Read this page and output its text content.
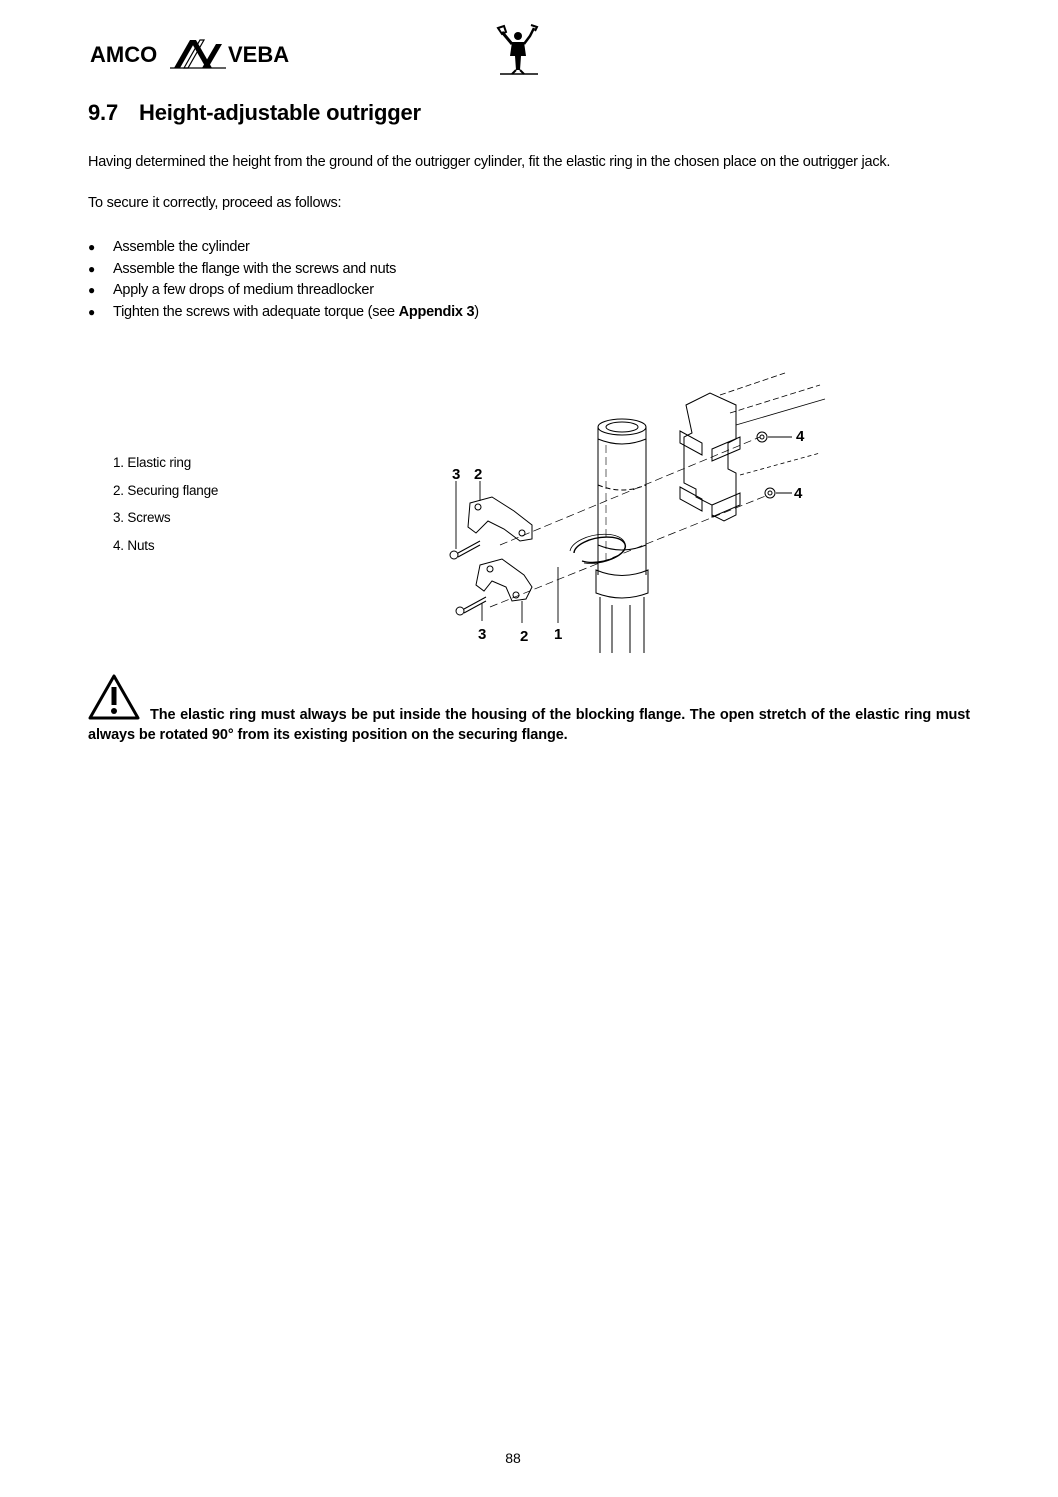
AMCO	VEBA
9.7 Height-adjustable outrigger
Having determined the height from the ground of the outrigger cylinder, fit the elastic ring in the chosen place on the outrigger jack.
To secure it correctly, proceed as follows:
● Assemble the cylinder
● Assemble the flange with the screws and nuts
● Apply a few drops of medium threadlocker
● Tighten the screws with adequate torque (see Appendix 3)
1. Elastic ring
2. Securing flange
3. Screws
4. Nuts
3 2
3 2 1
4
4
The elastic ring must always be put inside the housing of the blocking flange. The open stretch of the elastic ring must always be rotated 90° from its existing position on the securing flange.
88
